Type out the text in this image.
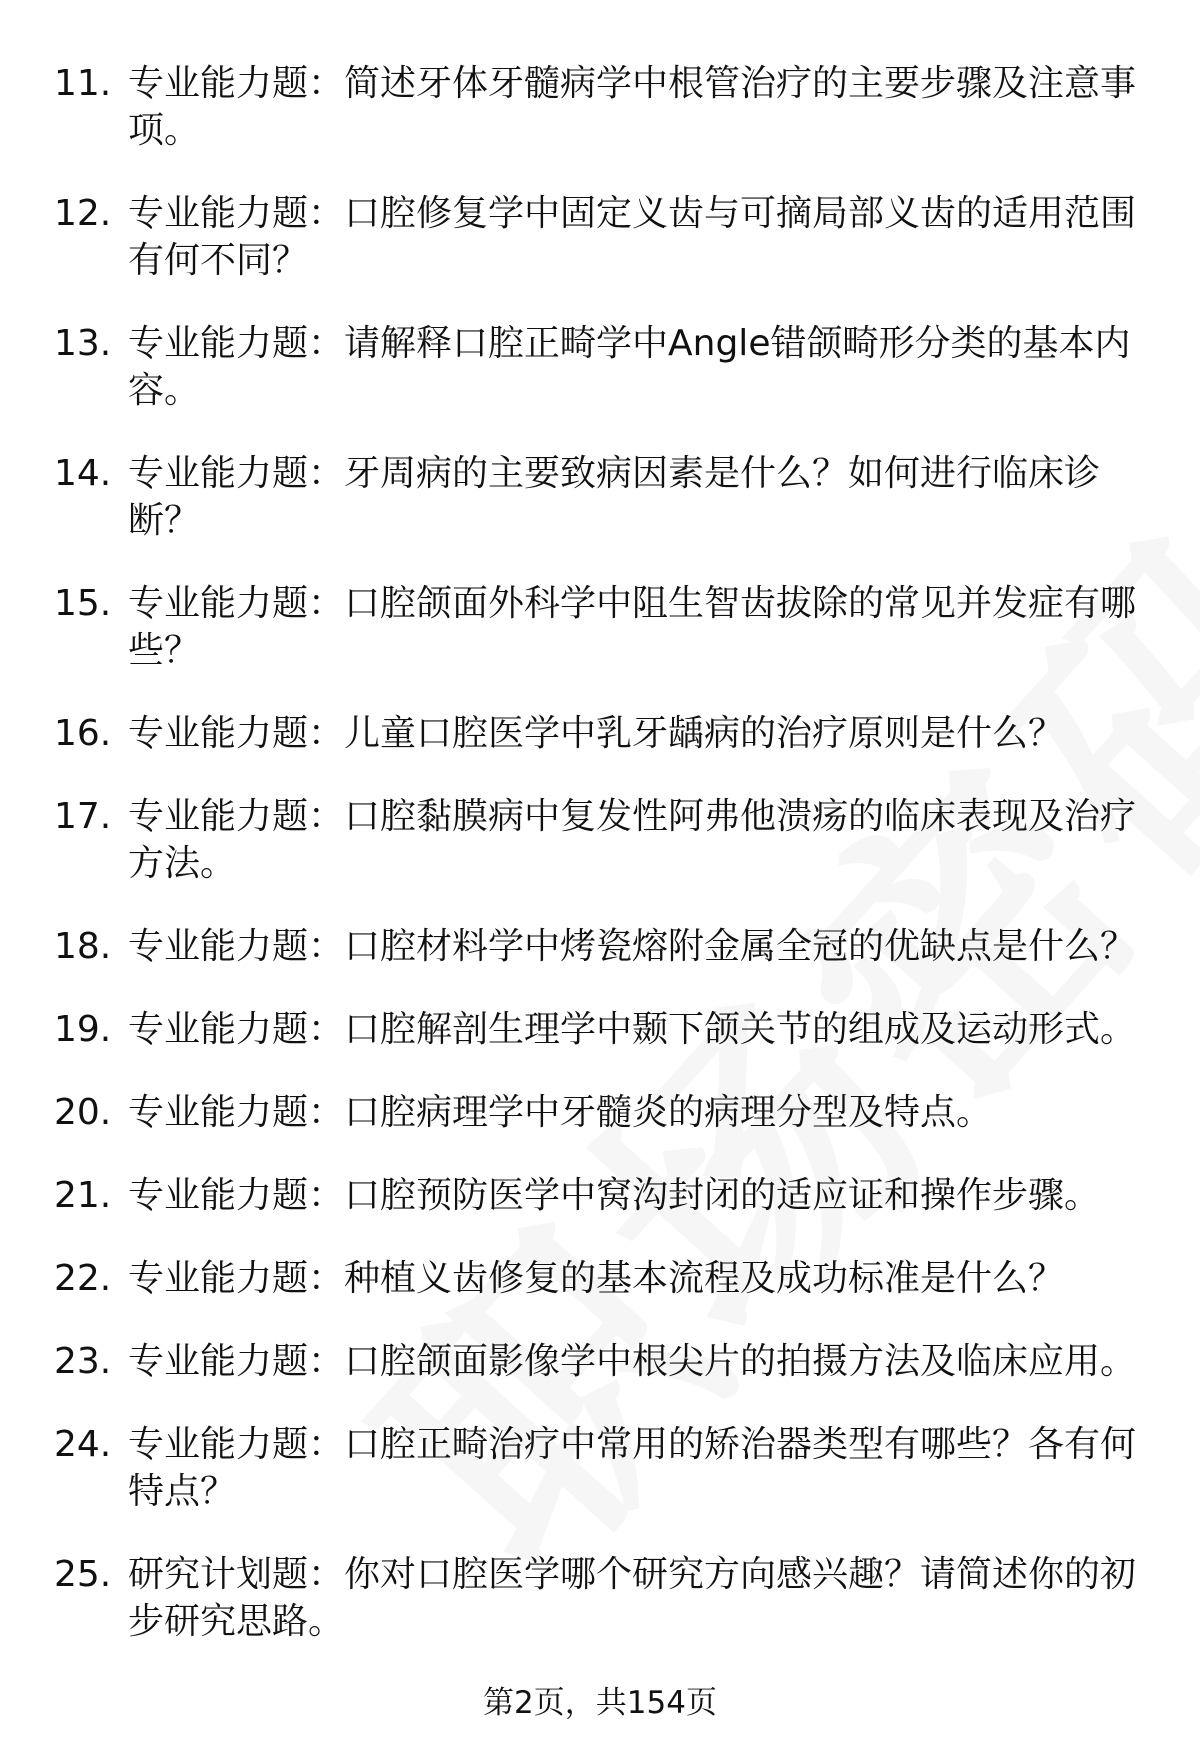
11. 专业能力题：简述牙体牙髓病学中根管治疗的主要步骤及注意事项。
12. 专业能力题：口腔修复学中固定义齿与可摘局部义齿的适用范围有何不同？
13. 专业能力题：请解释口腔正畸学中Angle错颌畸形分类的基本内容。
14. 专业能力题：牙周病的主要致病因素是什么？如何进行临床诊断？
15. 专业能力题：口腔颌面外科学中阻生智齿拔除的常见并发症有哪些？
16. 专业能力题：儿童口腔医学中乳牙龋病的治疗原则是什么？
17. 专业能力题：口腔黏膜病中复发性阿弗他溃疡的临床表现及治疗方法。
18. 专业能力题：口腔材料学中烤瓷熔附金属全冠的优缺点是什么？
19. 专业能力题：口腔解剖生理学中颞下颌关节的组成及运动形式。
20. 专业能力题：口腔病理学中牙髓炎的病理分型及特点。
21. 专业能力题：口腔预防医学中窝沟封闭的适应证和操作步骤。
22. 专业能力题：种植义齿修复的基本流程及成功标准是什么？
23. 专业能力题：口腔颌面影像学中根尖片的拍摄方法及临床应用。
24. 专业能力题：口腔正畸治疗中常用的矫治器类型有哪些？各有何特点？
25. 研究计划题：你对口腔医学哪个研究方向感兴趣？请简述你的初步研究思路。
第2页，共154页
